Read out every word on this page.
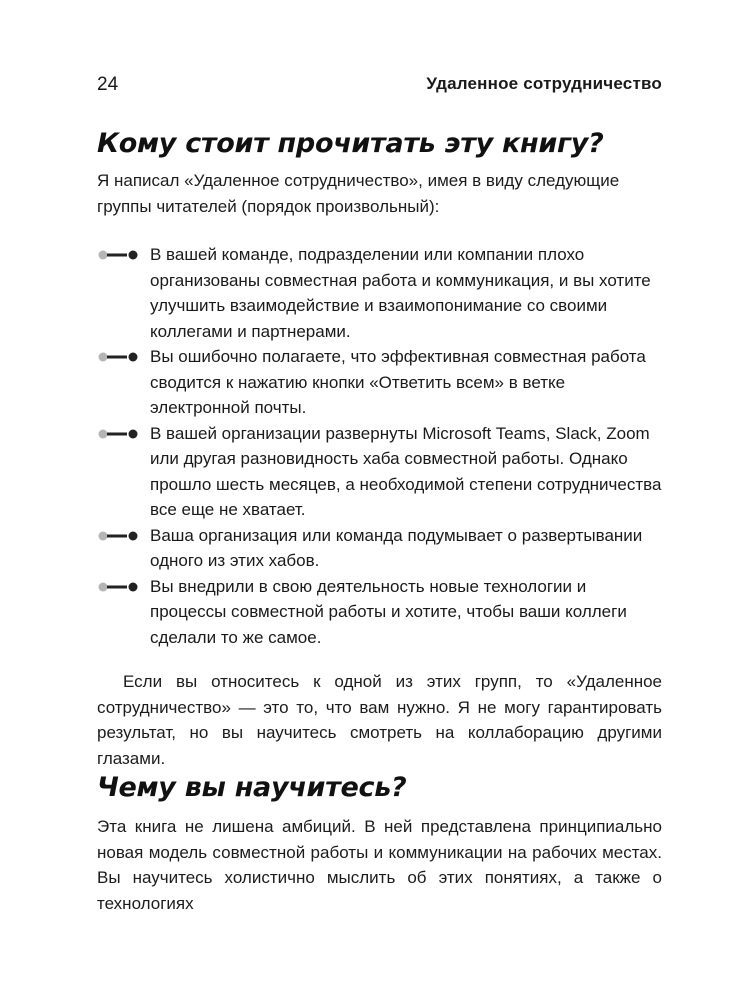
24	Удаленное сотрудничество
Кому стоит прочитать эту книгу?

Я написал «Удаленное сотрудничество», имея в виду следующие группы читателей (порядок произвольный):

В вашей команде, подразделении или компании плохо организованы совместная работа и коммуникация, и вы хотите улучшить взаимодействие и взаимопонимание со своими коллегами и партнерами.
Вы ошибочно полагаете, что эффективная совместная работа сводится к нажатию кнопки «Ответить всем» в ветке электронной почты.
В вашей организации развернуты Microsoft Teams, Slack, Zoom или другая разновидность хаба совместной работы. Однако прошло шесть месяцев, а необходимой степени сотрудничества все еще не хватает.
Ваша организация или команда подумывает о развертывании одного из этих хабов.
Вы внедрили в свою деятельность новые технологии и процессы совместной работы и хотите, чтобы ваши коллеги сделали то же самое.

Если вы относитесь к одной из этих групп, то «Удаленное сотрудничество» — это то, что вам нужно. Я не могу гарантировать результат, но вы научитесь смотреть на коллаборацию другими глазами.

Чему вы научитесь?

Эта книга не лишена амбиций. В ней представлена принципиально новая модель совместной работы и коммуникации на рабочих местах. Вы научитесь холистично мыслить об этих понятиях, а также о технологиях
